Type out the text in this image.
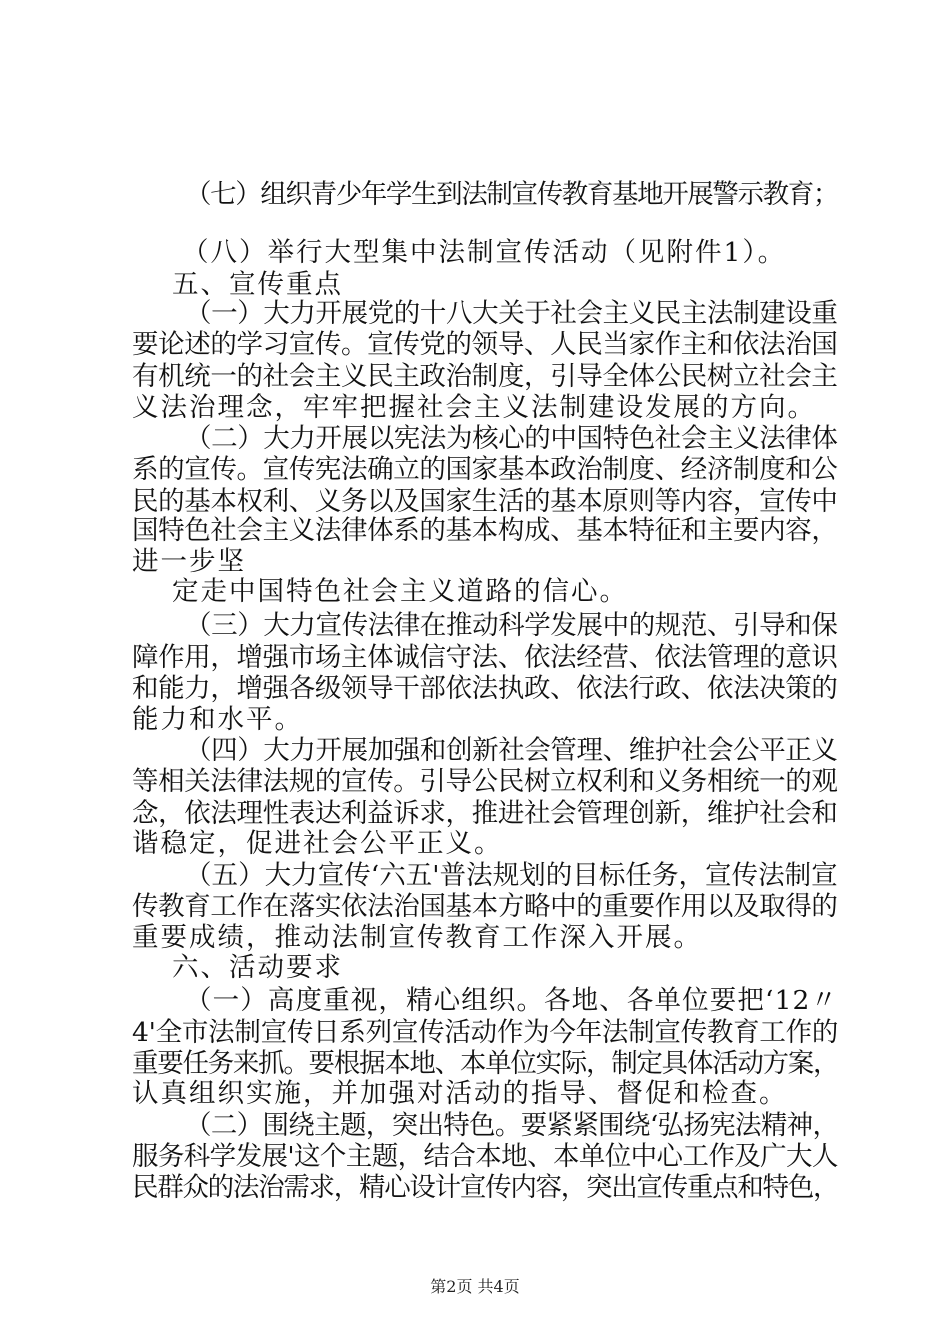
（七）组织青少年学生到法制宣传教育基地开展警示教育；
（八）举行大型集中法制宣传活动（见附件1）。
五、宣传重点
（一）大力开展党的十八大关于社会主义民主法制建设重
要论述的学习宣传。宣传党的领导、人民当家作主和依法治国
有机统一的社会主义民主政治制度，引导全体公民树立社会主
义法治理念，牢牢把握社会主义法制建设发展的方向。
（二）大力开展以宪法为核心的中国特色社会主义法律体
系的宣传。宣传宪法确立的国家基本政治制度、经济制度和公
民的基本权利、义务以及国家生活的基本原则等内容，宣传中
国特色社会主义法律体系的基本构成、基本特征和主要内容，
进一步坚
定走中国特色社会主义道路的信心。
（三）大力宣传法律在推动科学发展中的规范、引导和保
障作用，增强市场主体诚信守法、依法经营、依法管理的意识
和能力，增强各级领导干部依法执政、依法行政、依法决策的
能力和水平。
（四）大力开展加强和创新社会管理、维护社会公平正义
等相关法律法规的宣传。引导公民树立权利和义务相统一的观
念，依法理性表达利益诉求，推进社会管理创新，维护社会和
谐稳定，促进社会公平正义。
（五）大力宣传‘六五'普法规划的目标任务，宣传法制宣
传教育工作在落实依法治国基本方略中的重要作用以及取得的
重要成绩，推动法制宣传教育工作深入开展。
六、活动要求
（一）高度重视，精心组织。各地、各单位要把‘12〃
4'全市法制宣传日系列宣传活动作为今年法制宣传教育工作的
重要任务来抓。要根据本地、本单位实际，制定具体活动方案，
认真组织实施，并加强对活动的指导、督促和检查。
（二）围绕主题，突出特色。要紧紧围绕‘弘扬宪法精神，
服务科学发展'这个主题，结合本地、本单位中心工作及广大人
民群众的法治需求，精心设计宣传内容，突出宣传重点和特色，
第2页 共4页
